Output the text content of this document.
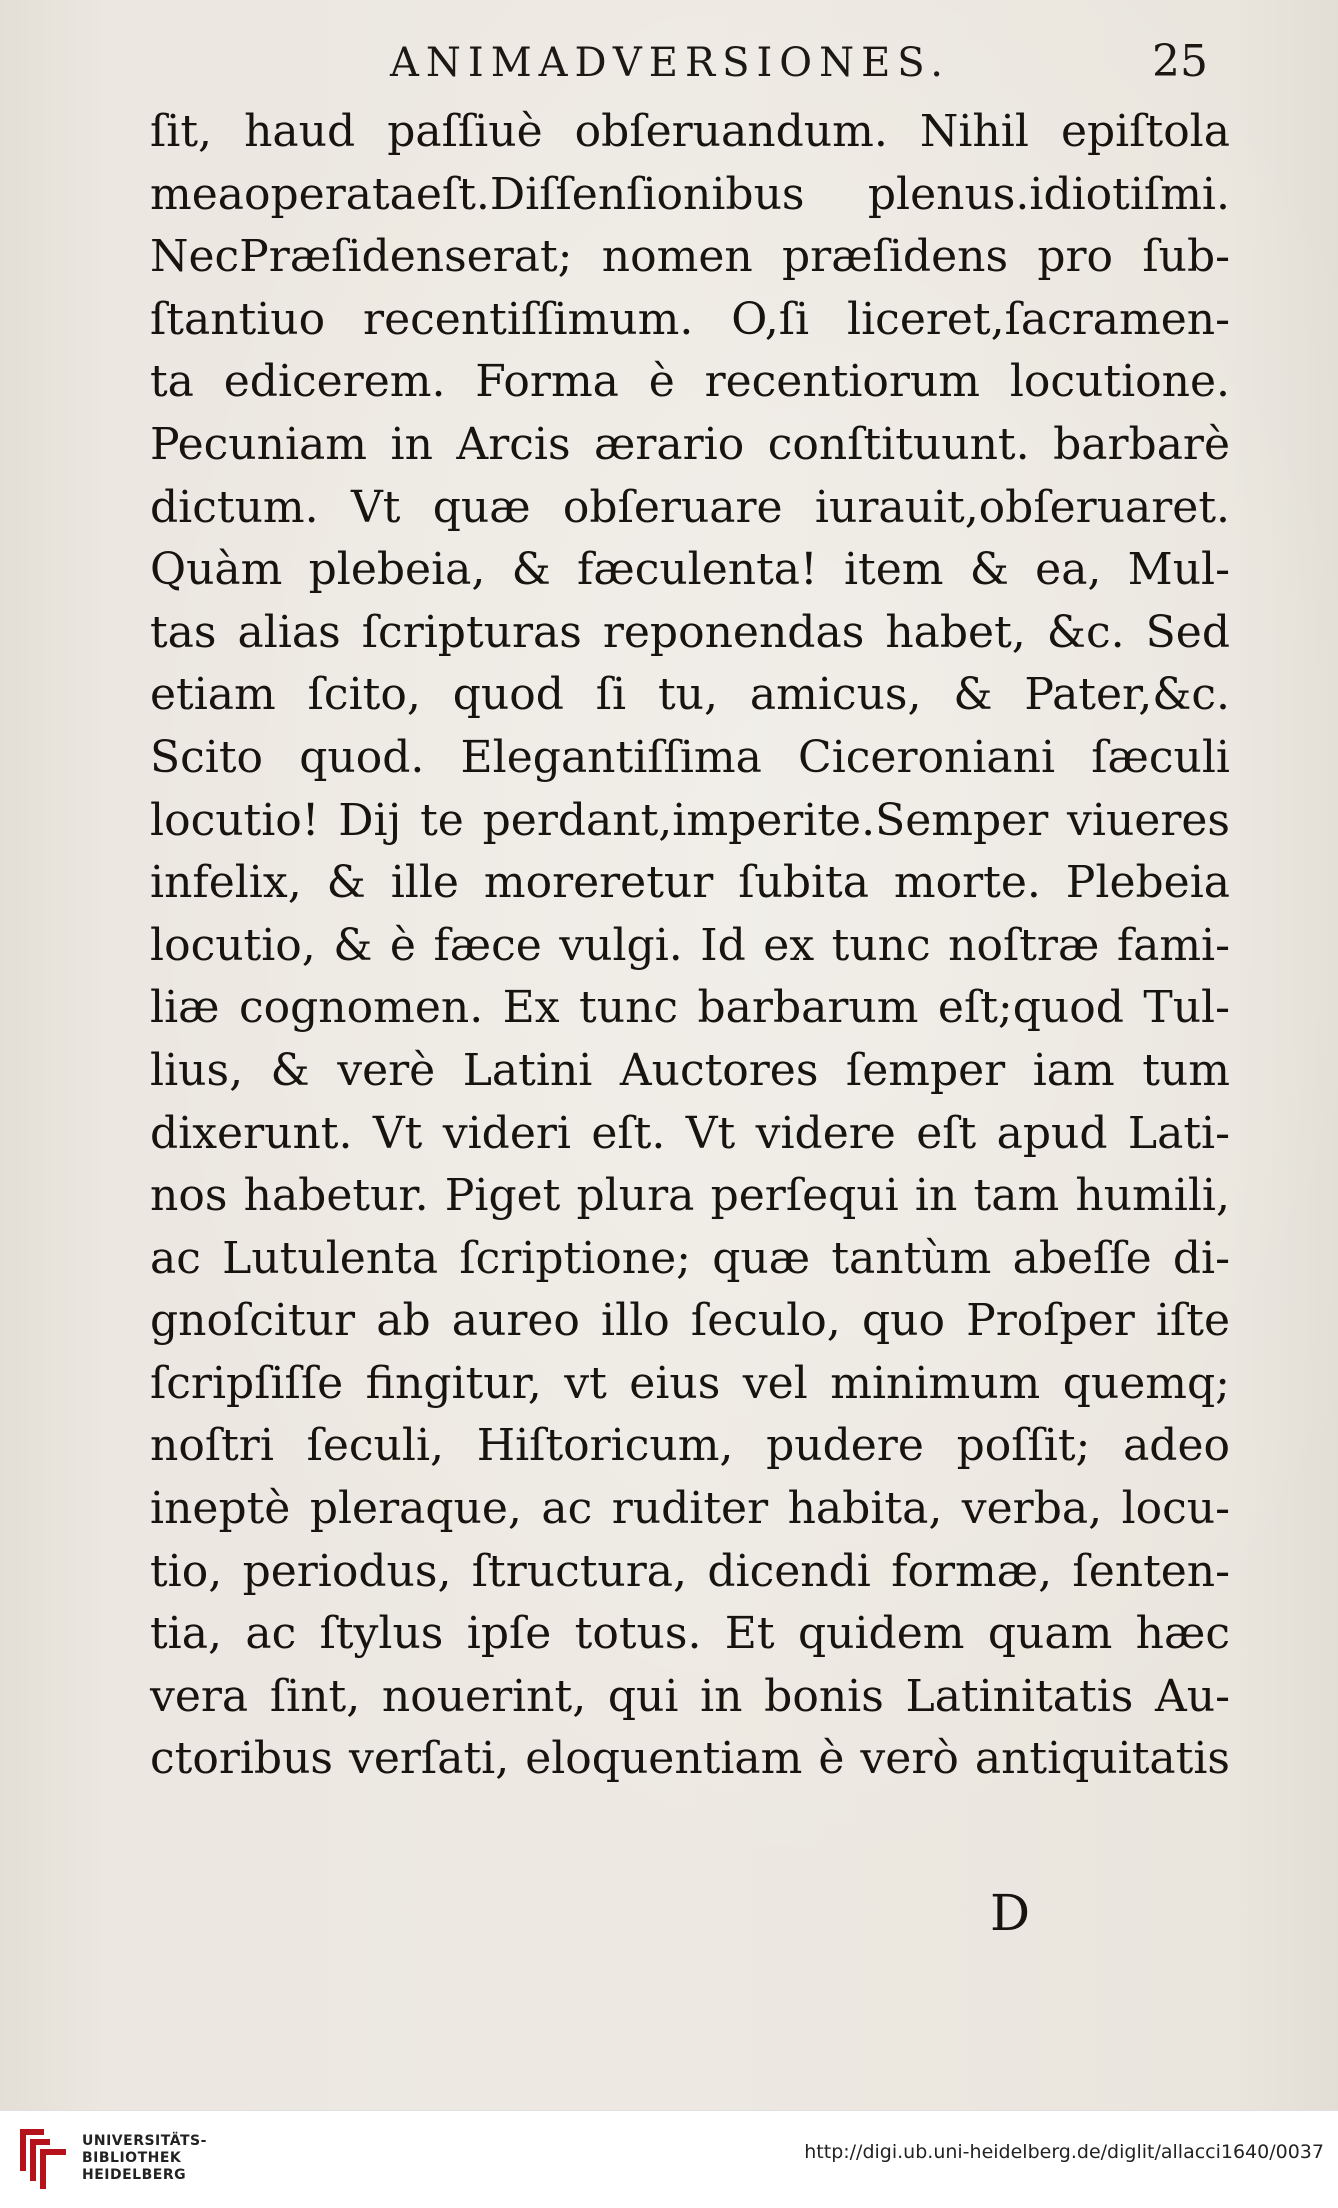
ANIMADVERSIONES.	25
ſit, haud paſſiuè obſeruandum. Nihil epiſtola
meaoperataeſt.Diſſenſionibus plenus.idiotiſmi.
NecPræſidenserat; nomen præſidens pro ſub-
ſtantiuo recentiſſimum. O,ſi liceret,ſacramen-
ta edicerem. Forma è recentiorum locutione.
Pecuniam in Arcis ærario conſtituunt. barbarè
dictum. Vt quæ obſeruare iurauit,obſeruaret.
Quàm plebeia, & fæculenta! item & ea, Mul-
tas alias ſcripturas reponendas habet, &c. Sed
etiam ſcito, quod ſi tu, amicus, & Pater,&c.
Scito quod. Elegantiſſima Ciceroniani ſæculi
locutio! Dij te perdant,imperite.Semper viueres
infelix, & ille moreretur ſubita morte. Plebeia
locutio, & è fæce vulgi. Id ex tunc noſtræ fami-
liæ cognomen. Ex tunc barbarum eſt;quod Tul-
lius, & verè Latini Auctores ſemper iam tum
dixerunt. Vt videri eſt. Vt videre eſt apud Lati-
nos habetur. Piget plura perſequi in tam humili,
ac Lutulenta ſcriptione; quæ tantùm abeſſe di-
gnoſcitur ab aureo illo ſeculo, quo Proſper iſte
ſcripſiſſe fingitur, vt eius vel minimum quemq;
noſtri ſeculi, Hiſtoricum, pudere poſſit; adeo
ineptè pleraque, ac ruditer habita, verba, locu-
tio, periodus, ſtructura, dicendi formæ, ſenten-
tia, ac ſtylus ipſe totus. Et quidem quam hæc
vera ſint, nouerint, qui in bonis Latinitatis Au-
ctoribus verſati, eloquentiam è verò antiquitatis
D
UNIVERSITÄTS-
BIBLIOTHEK
HEIDELBERG
http://digi.ub.uni-heidelberg.de/diglit/allacci1640/0037
